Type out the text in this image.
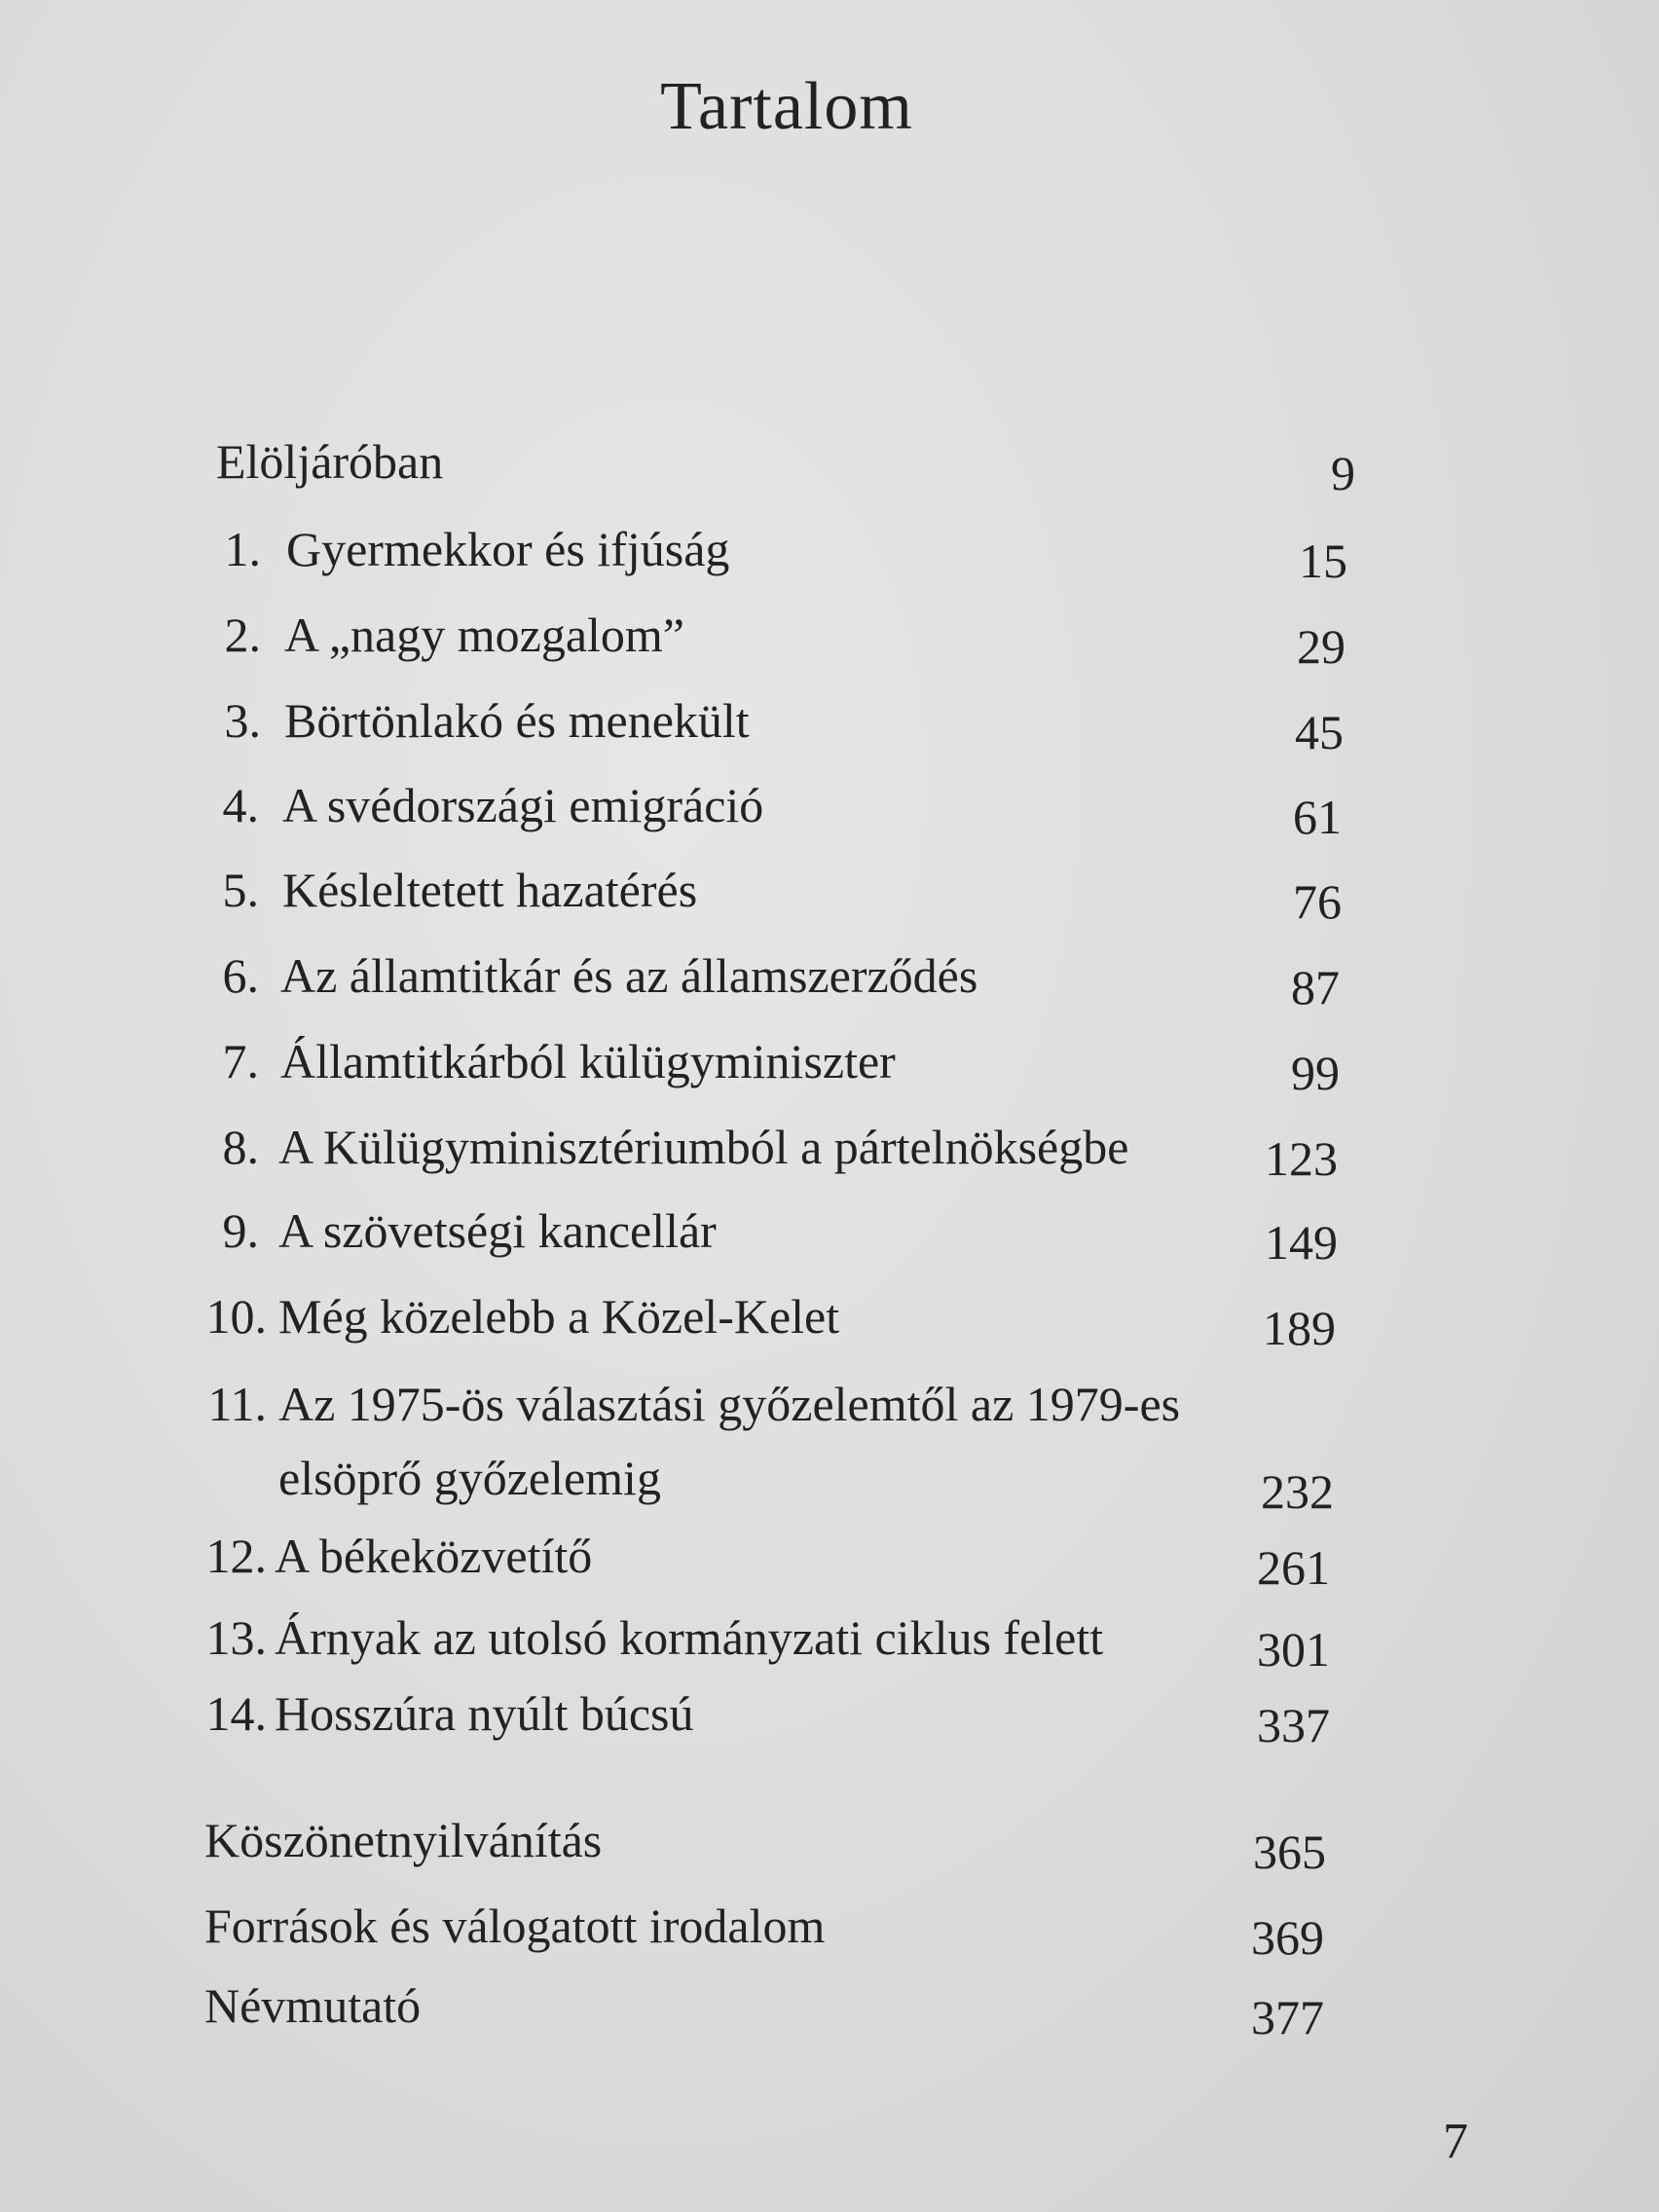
Tartalom
Elöljáróban	9
1. Gyermekkor és ifjúság	15
2. A „nagy mozgalom”	29
3. Börtönlakó és menekült	45
4. A svédországi emigráció	61
5. Késleltetett hazatérés	76
6. Az államtitkár és az államszerződés	87
7. Államtitkárból külügyminiszter	99
8. A Külügyminisztériumból a pártelnökségbe	123
9. A szövetségi kancellár	149
10. Még közelebb a Közel-Kelet	189
11. Az 1975-ös választási győzelemtől az 1979-es
elsöprő győzelemig	232
12. A békeközvetítő	261
13. Árnyak az utolsó kormányzati ciklus felett	301
14. Hosszúra nyúlt búcsú	337
Köszönetnyilvánítás	365
Források és válogatott irodalom	369
Névmutató	377
7
